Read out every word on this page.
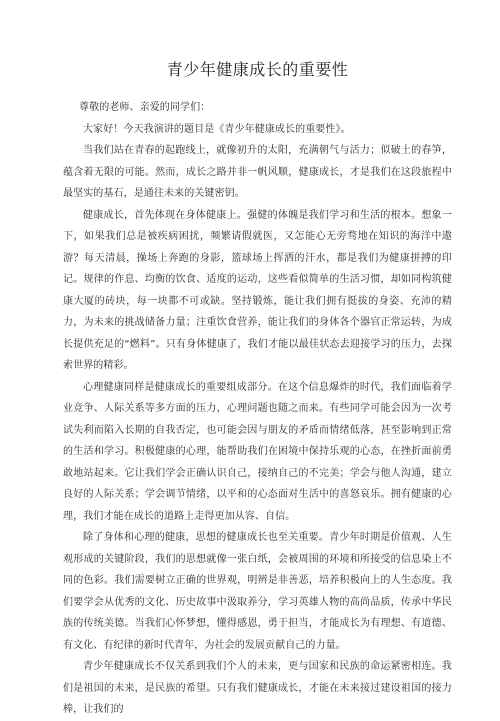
青少年健康成长的重要性

尊敬的老师、亲爱的同学们：

大家好！今天我演讲的题目是《青少年健康成长的重要性》。

当我们站在青春的起跑线上，就像初升的太阳，充满朝气与活力；似破土的春笋，蕴含着无限的可能。然而，成长之路并非一帆风顺，健康成长，才是我们在这段旅程中最坚实的基石，是通往未来的关键密钥。

健康成长，首先体现在身体健康上。强健的体魄是我们学习和生活的根本。想象一下，如果我们总是被疾病困扰，频繁请假就医，又怎能心无旁骛地在知识的海洋中遨游？每天清晨，操场上奔跑的身影，篮球场上挥洒的汗水，都是我们为健康拼搏的印记。规律的作息、均衡的饮食、适度的运动，这些看似简单的生活习惯，却如同构筑健康大厦的砖块，每一块都不可或缺。坚持锻炼，能让我们拥有挺拔的身姿、充沛的精力，为未来的挑战储备力量；注重饮食营养，能让我们的身体各个器官正常运转，为成长提供充足的“燃料”。只有身体健康了，我们才能以最佳状态去迎接学习的压力，去探索世界的精彩。

心理健康同样是健康成长的重要组成部分。在这个信息爆炸的时代，我们面临着学业竞争、人际关系等多方面的压力，心理问题也随之而来。有些同学可能会因为一次考试失利而陷入长期的自我否定，也可能会因与朋友的矛盾而情绪低落，甚至影响到正常的生活和学习。积极健康的心理，能帮助我们在困境中保持乐观的心态，在挫折面前勇敢地站起来。它让我们学会正确认识自己，接纳自己的不完美；学会与他人沟通，建立良好的人际关系；学会调节情绪，以平和的心态面对生活中的喜怒哀乐。拥有健康的心理，我们才能在成长的道路上走得更加从容、自信。

除了身体和心理的健康，思想的健康成长也至关重要。青少年时期是价值观、人生观形成的关键阶段，我们的思想就像一张白纸，会被周围的环境和所接受的信息染上不同的色彩。我们需要树立正确的世界观，明辨是非善恶，培养积极向上的人生态度。我们要学会从优秀的文化、历史故事中汲取养分，学习英雄人物的高尚品质，传承中华民族的传统美德。当我们心怀梦想，懂得感恩，勇于担当，才能成长为有理想、有道德、有文化、有纪律的新时代青年，为社会的发展贡献自己的力量。

青少年健康成长不仅关系到我们个人的未来，更与国家和民族的命运紧密相连。我们是祖国的未来，是民族的希望。只有我们健康成长，才能在未来接过建设祖国的接力棒，让我们的
